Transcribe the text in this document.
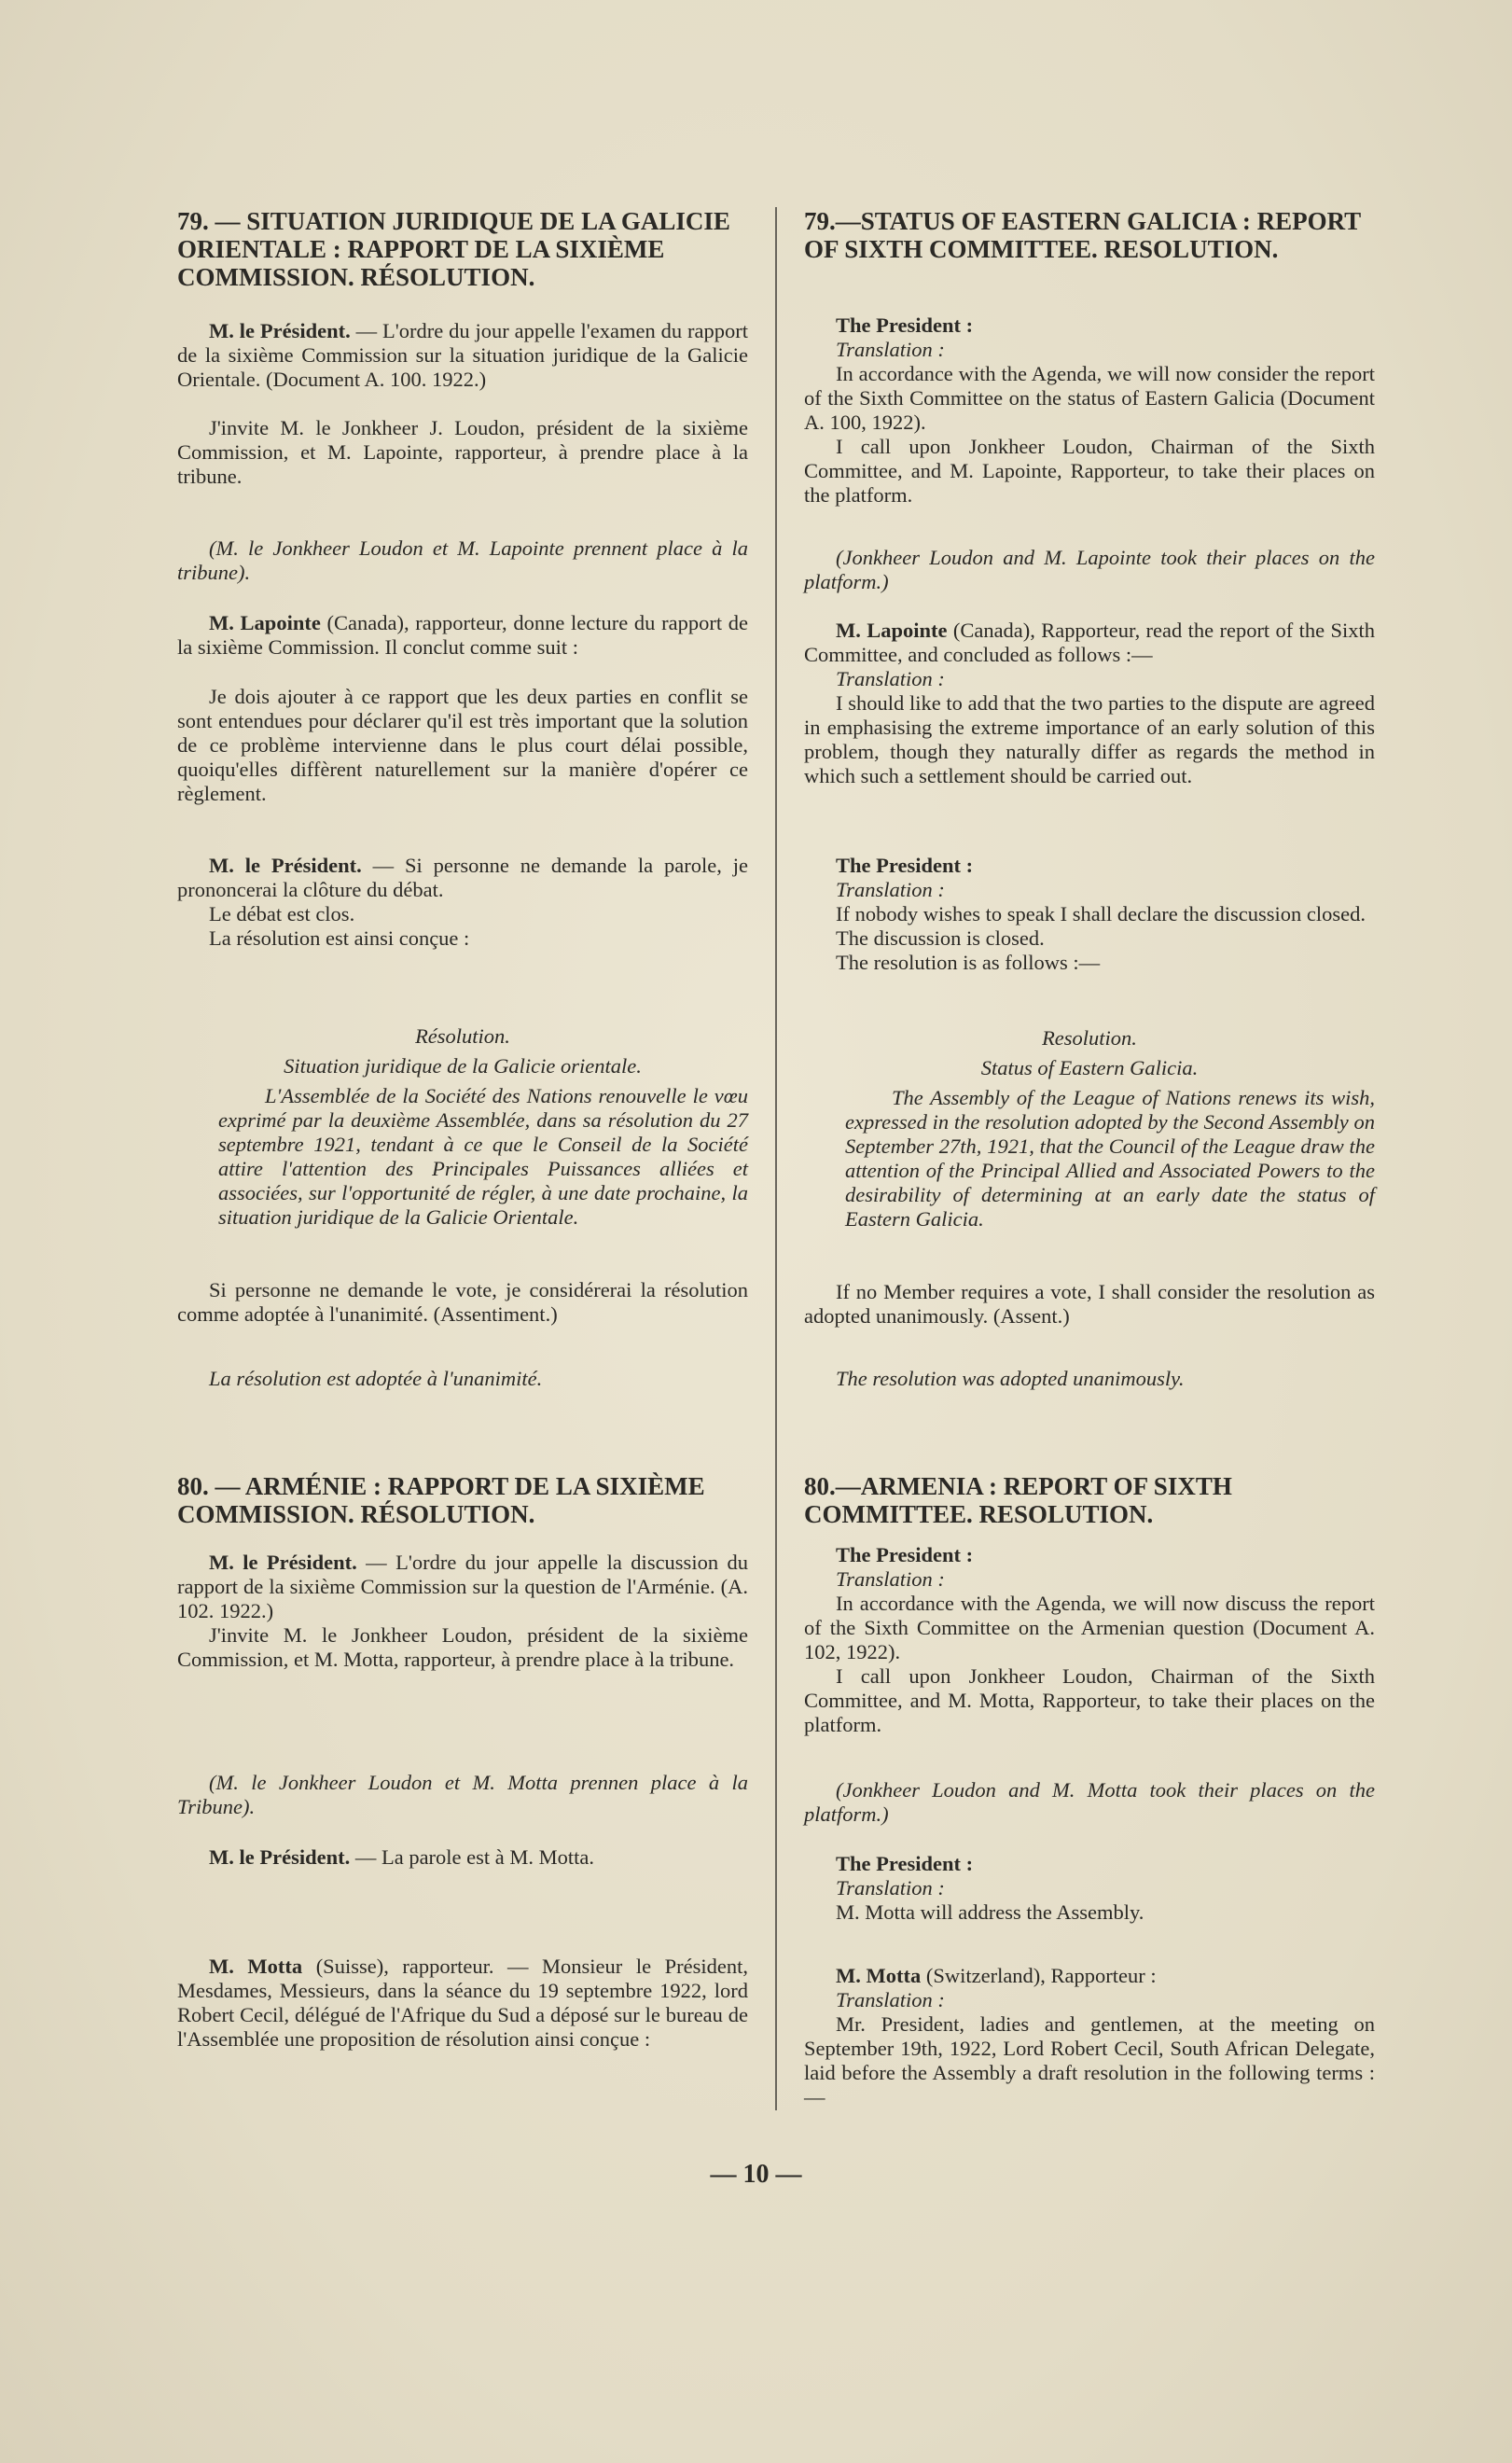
79. — SITUATION JURIDIQUE DE LA GALICIE ORIENTALE : RAPPORT DE LA SIXIÈME COMMISSION. RÉSOLUTION.

M. le Président. — L'ordre du jour appelle l'examen du rapport de la sixième Commission sur la situation juridique de la Galicie Orientale. (Document A. 100. 1922.)

J'invite M. le Jonkheer J. Loudon, président de la sixième Commission, et M. Lapointe, rapporteur, à prendre place à la tribune.

(M. le Jonkheer Loudon et M. Lapointe prennent place à la tribune).

M. Lapointe (Canada), rapporteur, donne lecture du rapport de la sixième Commission. Il conclut comme suit :

Je dois ajouter à ce rapport que les deux parties en conflit se sont entendues pour déclarer qu'il est très important que la solution de ce problème intervienne dans le plus court délai possible, quoiqu'elles diffèrent naturellement sur la manière d'opérer ce règlement.

M. le Président. — Si personne ne demande la parole, je prononcerai la clôture du débat.

Le débat est clos.

La résolution est ainsi conçue :

Résolution.

Situation juridique de la Galicie orientale.

L'Assemblée de la Société des Nations renouvelle le vœu exprimé par la deuxième Assemblée, dans sa résolution du 27 septembre 1921, tendant à ce que le Conseil de la Société attire l'attention des Principales Puissances alliées et associées, sur l'opportunité de régler, à une date prochaine, la situation juridique de la Galicie Orientale.

Si personne ne demande le vote, je considérerai la résolution comme adoptée à l'unanimité. (Assentiment.)

La résolution est adoptée à l'unanimité.

80. — ARMÉNIE : RAPPORT DE LA SIXIÈME COMMISSION. RÉSOLUTION.

M. le Président. — L'ordre du jour appelle la discussion du rapport de la sixième Commission sur la question de l'Arménie. (A. 102. 1922.)

J'invite M. le Jonkheer Loudon, président de la sixième Commission, et M. Motta, rapporteur, à prendre place à la tribune.

(M. le Jonkheer Loudon et M. Motta prennen place à la Tribune).

M. le Président. — La parole est à M. Motta.

M. Motta (Suisse), rapporteur. — Monsieur le Président, Mesdames, Messieurs, dans la séance du 19 septembre 1922, lord Robert Cecil, délégué de l'Afrique du Sud a déposé sur le bureau de l'Assemblée une proposition de résolution ainsi conçue :

79.—STATUS OF EASTERN GALICIA : REPORT OF SIXTH COMMITTEE. RESOLUTION.

The President :

Translation :

In accordance with the Agenda, we will now consider the report of the Sixth Committee on the status of Eastern Galicia (Document A. 100, 1922).

I call upon Jonkheer Loudon, Chairman of the Sixth Committee, and M. Lapointe, Rapporteur, to take their places on the platform.

(Jonkheer Loudon and M. Lapointe took their places on the platform.)

M. Lapointe (Canada), Rapporteur, read the report of the Sixth Committee, and concluded as follows :—

Translation :

I should like to add that the two parties to the dispute are agreed in emphasising the extreme importance of an early solution of this problem, though they naturally differ as regards the method in which such a settlement should be carried out.

The President :

Translation :

If nobody wishes to speak I shall declare the discussion closed.

The discussion is closed.

The resolution is as follows :—

Resolution.

Status of Eastern Galicia.

The Assembly of the League of Nations renews its wish, expressed in the resolution adopted by the Second Assembly on September 27th, 1921, that the Council of the League draw the attention of the Principal Allied and Associated Powers to the desirability of determining at an early date the status of Eastern Galicia.

If no Member requires a vote, I shall consider the resolution as adopted unanimously. (Assent.)

The resolution was adopted unanimously.

80.—ARMENIA : REPORT OF SIXTH COMMITTEE. RESOLUTION.

The President :

Translation :

In accordance with the Agenda, we will now discuss the report of the Sixth Committee on the Armenian question (Document A. 102, 1922).

I call upon Jonkheer Loudon, Chairman of the Sixth Committee, and M. Motta, Rapporteur, to take their places on the platform.

(Jonkheer Loudon and M. Motta took their places on the platform.)

The President :

Translation :

M. Motta will address the Assembly.

M. Motta (Switzerland), Rapporteur :

Translation :

Mr. President, ladies and gentlemen, at the meeting on September 19th, 1922, Lord Robert Cecil, South African Delegate, laid before the Assembly a draft resolution in the following terms :—

— 10 —
